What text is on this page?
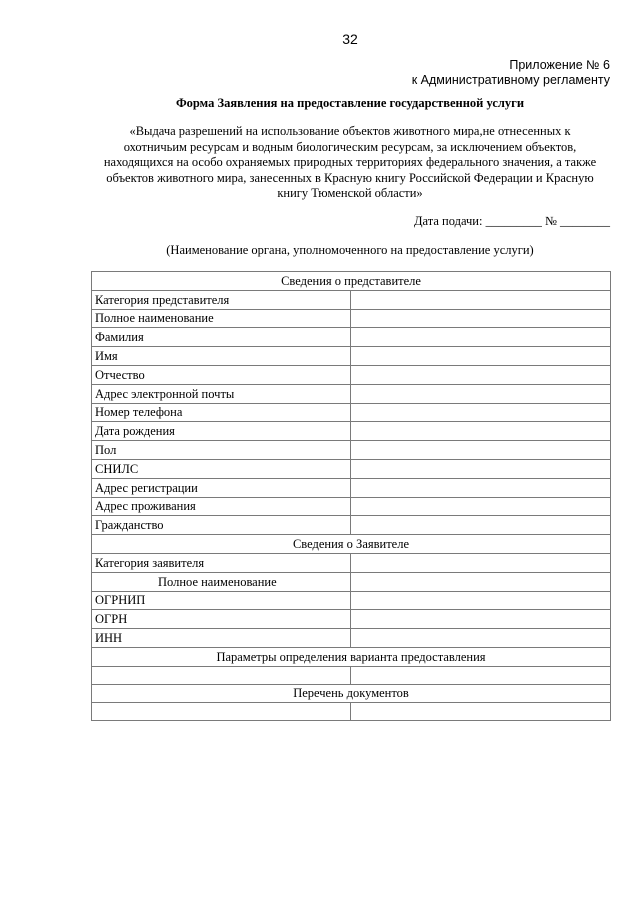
32
Приложение № 6
к Административному регламенту
Форма Заявления на предоставление государственной услуги
«Выдача разрешений на использование объектов животного мира,не отнесенных к
охотничьим ресурсам и водным биологическим ресурсам, за исключением объектов,
находящихся на особо охраняемых природных территориях федерального значения, а также
объектов животного мира, занесенных в Красную книгу Российской Федерации и Красную
книгу Тюменской области»
Дата подачи: _________ № ________
(Наименование органа, уполномоченного на предоставление услуги)
Сведения о представителе	
Категория представителя	
Полное наименование	
Фамилия	
Имя	
Отчество	
Адрес электронной почты	
Номер телефона	
Дата рождения	
Пол	
СНИЛС	
Адрес регистрации	
Адрес проживания	
Гражданство	
Сведения о Заявителе	
Категория заявителя	
Полное наименование	
ОГРНИП	
ОГРН	
ИНН	
Параметры определения варианта предоставления	

Перечень документов	
